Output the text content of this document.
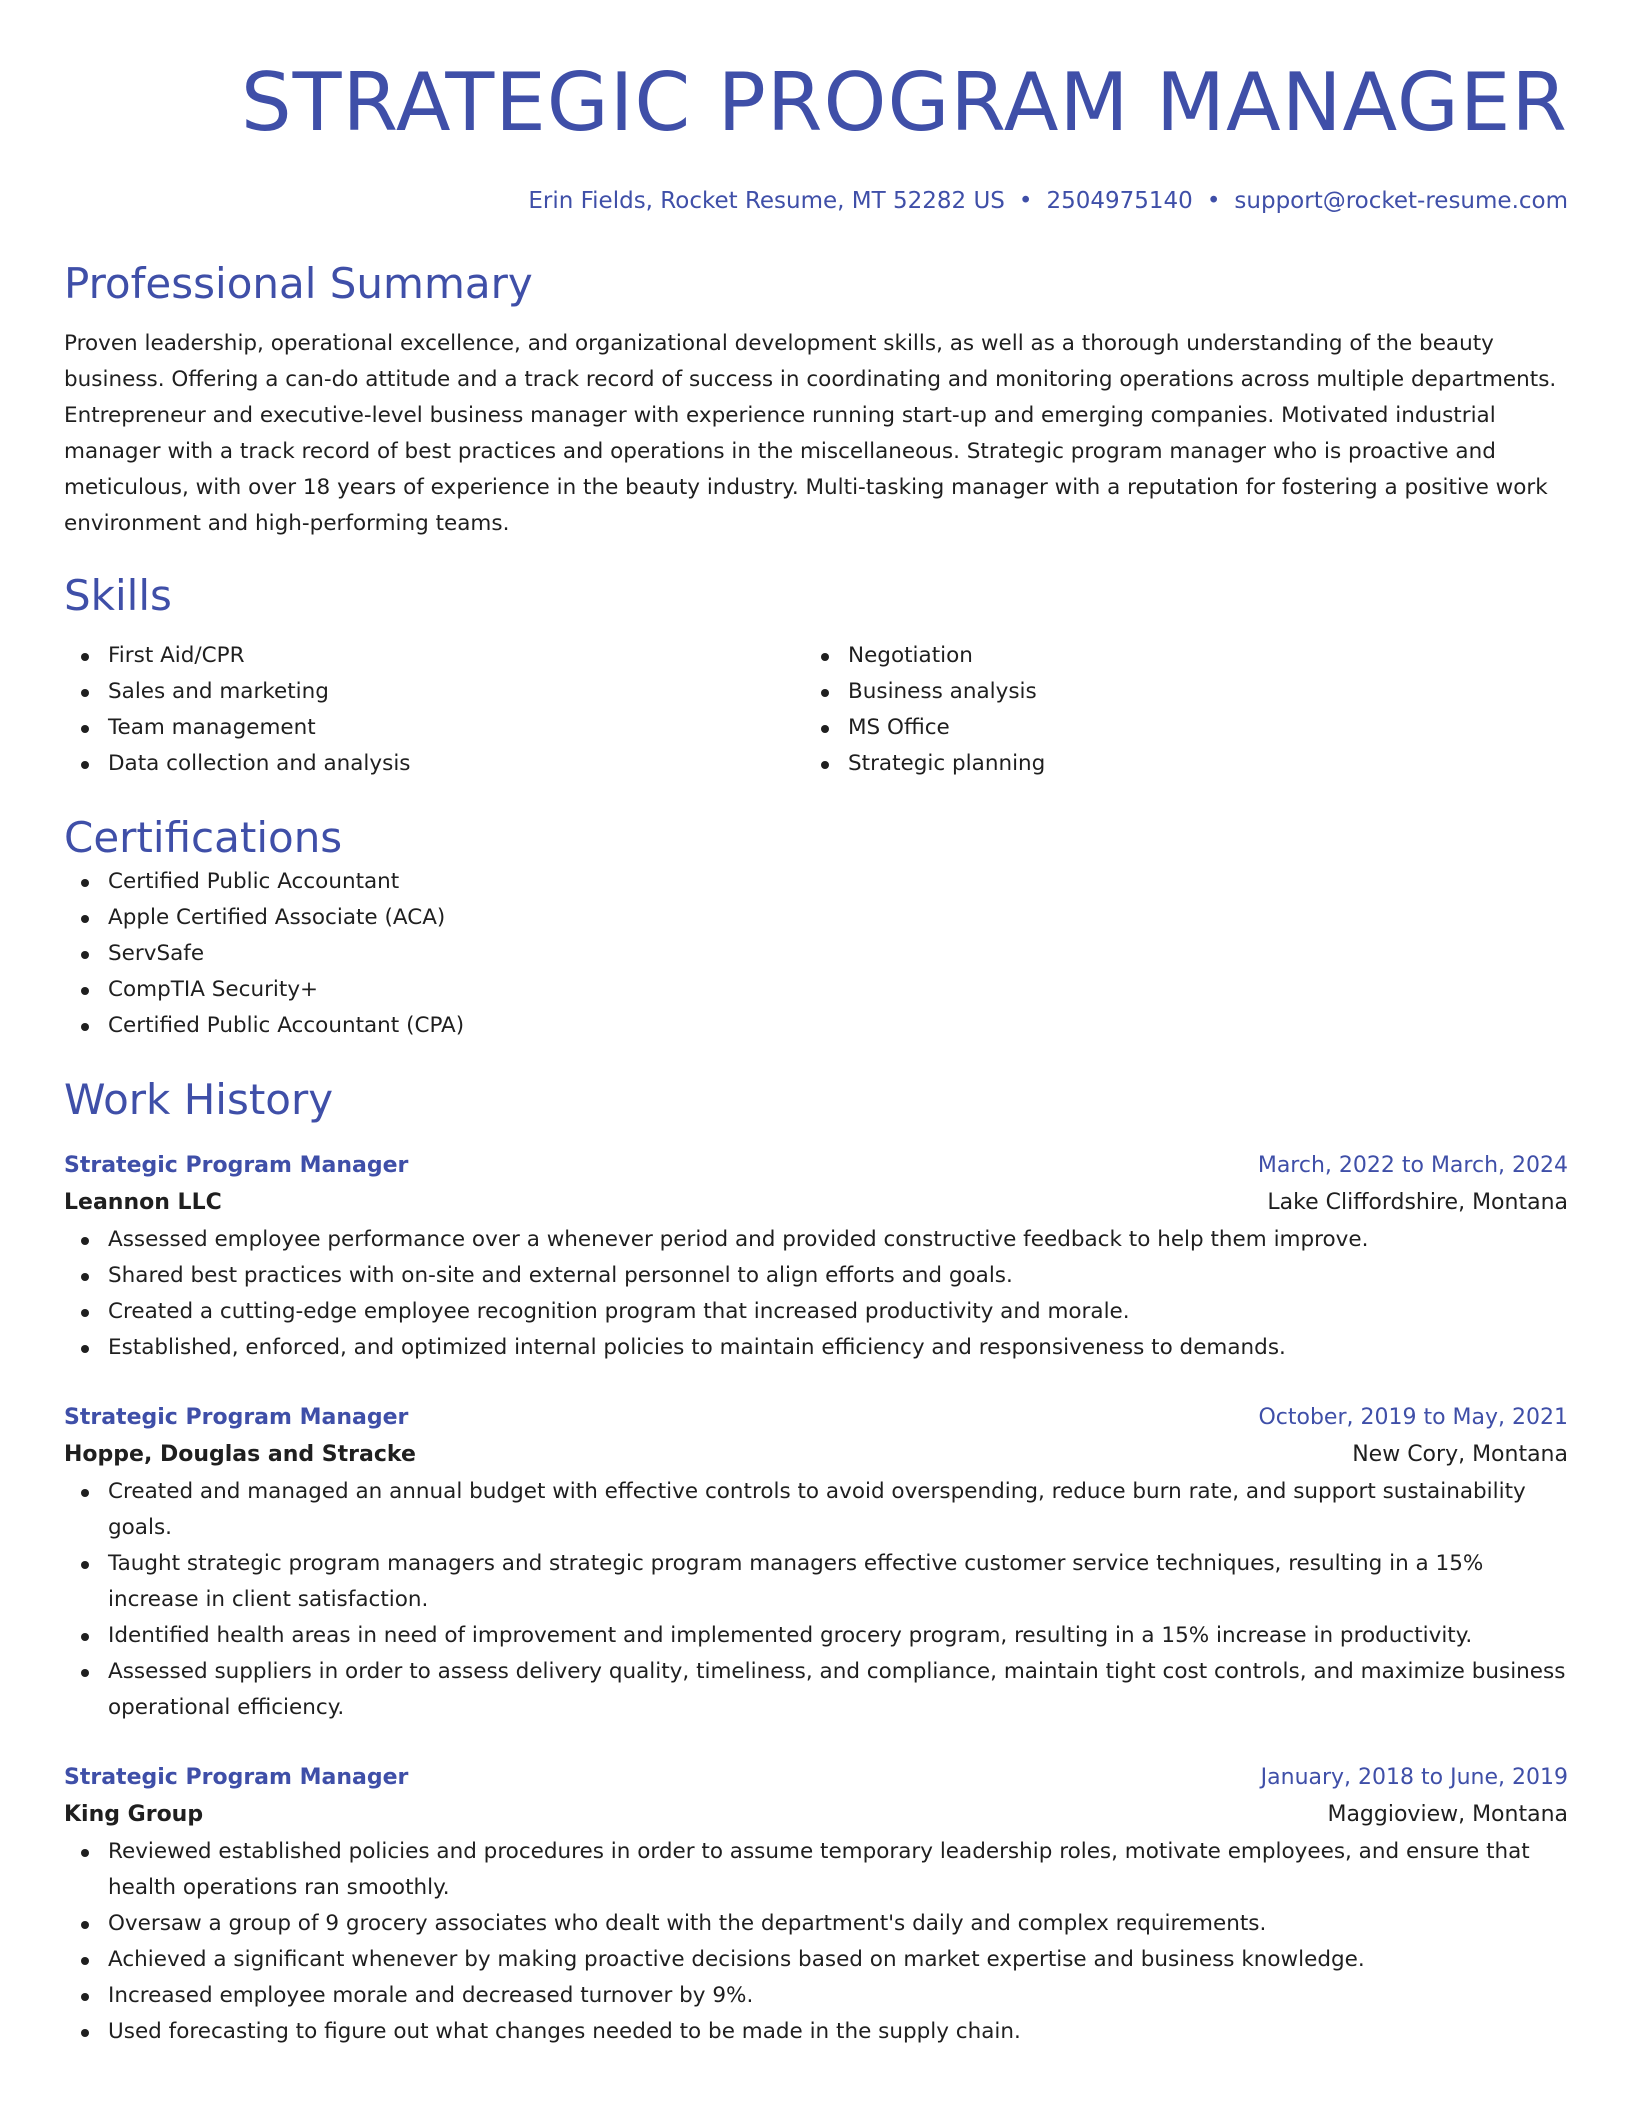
STRATEGIC PROGRAM MANAGER
Erin Fields, Rocket Resume, MT 52282 US • 2504975140 • support@rocket-resume.com
Professional Summary

Proven leadership, operational excellence, and organizational development skills, as well as a thorough understanding of the beauty business. Offering a can-do attitude and a track record of success in coordinating and monitoring operations across multiple departments. Entrepreneur and executive-level business manager with experience running start-up and emerging companies. Motivated industrial manager with a track record of best practices and operations in the miscellaneous. Strategic program manager who is proactive and meticulous, with over 18 years of experience in the beauty industry. Multi-tasking manager with a reputation for fostering a positive work environment and high-performing teams.

Skills
First Aid/CPR
Sales and marketing
Team management
Data collection and analysis
Negotiation
Business analysis
MS Office
Strategic planning
Certifications
Certified Public Accountant
Apple Certified Associate (ACA)
ServSafe
CompTIA Security+
Certified Public Accountant (CPA)
Work History
Strategic Program Manager	March, 2022 to March, 2024
Leannon LLC	Lake Cliffordshire, Montana
Assessed employee performance over a whenever period and provided constructive feedback to help them improve.
Shared best practices with on-site and external personnel to align efforts and goals.
Created a cutting-edge employee recognition program that increased productivity and morale.
Established, enforced, and optimized internal policies to maintain efficiency and responsiveness to demands.
Strategic Program Manager	October, 2019 to May, 2021
Hoppe, Douglas and Stracke	New Cory, Montana
Created and managed an annual budget with effective controls to avoid overspending, reduce burn rate, and support sustainability goals.
Taught strategic program managers and strategic program managers effective customer service techniques, resulting in a 15% increase in client satisfaction.
Identified health areas in need of improvement and implemented grocery program, resulting in a 15% increase in productivity.
Assessed suppliers in order to assess delivery quality, timeliness, and compliance, maintain tight cost controls, and maximize business operational efficiency.
Strategic Program Manager	January, 2018 to June, 2019
King Group	Maggioview, Montana
Reviewed established policies and procedures in order to assume temporary leadership roles, motivate employees, and ensure that health operations ran smoothly.
Oversaw a group of 9 grocery associates who dealt with the department's daily and complex requirements.
Achieved a significant whenever by making proactive decisions based on market expertise and business knowledge.
Increased employee morale and decreased turnover by 9%.
Used forecasting to figure out what changes needed to be made in the supply chain.
